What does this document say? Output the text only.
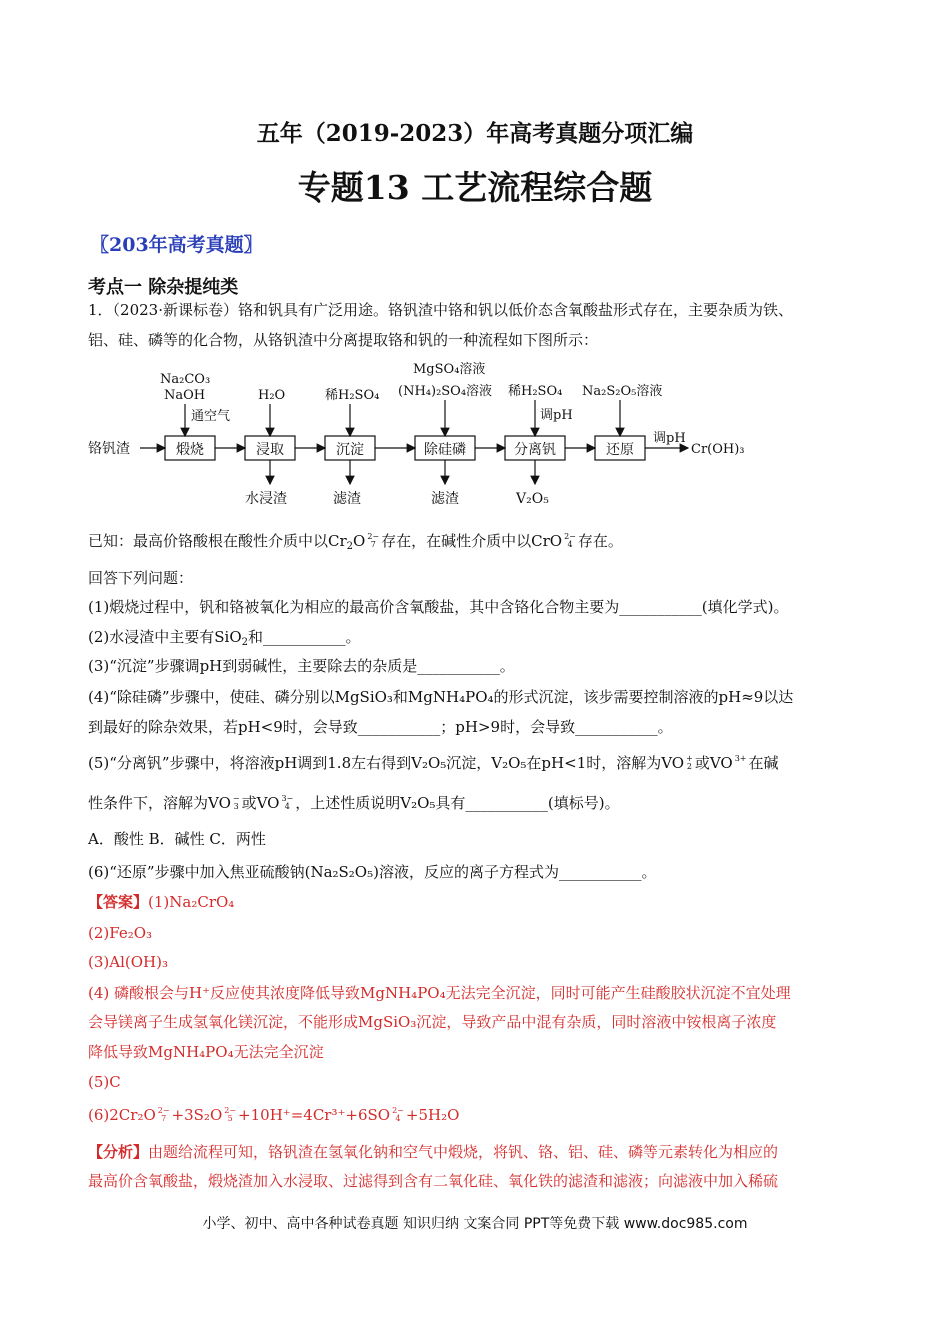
五年（2019-2023）年高考真题分项汇编
专题13 工艺流程综合题
〖203年高考真题〗
考点一 除杂提纯类
1．（2023·新课标卷）铬和钒具有广泛用途。铬钒渣中铬和钒以低价态含氧酸盐形式存在，主要杂质为铁、
铝、硅、磷等的化合物，从铬钒渣中分离提取铬和钒的一种流程如下图所示：
铬钒渣
Na₂CO₃
NaOH
通空气
H₂O	稀H₂SO₄
MgSO₄溶液
(NH₄)₂SO₄溶液 稀H₂SO₄
调pH
Na₂S₂O₅溶液
调pH
Cr(OH)₃
水浸渣	滤渣	滤渣	V₂O₅
煅烧	浸取	沉淀	除硅磷	分离钒	还原
已知：最高价铬酸根在酸性介质中以$Cr_2O$ 2−
7 存在，在碱性介质中以CrO 2−
4 存在。
回答下列问题：
(1)煅烧过程中，钒和铬被氧化为相应的最高价含氧酸盐，其中含铬化合物主要为___________(填化学式)。
(2)水浸渣中主要有SiO$_2$和___________。
(3)“沉淀”步骤调pH到弱碱性，主要除去的杂质是___________。
(4)“除硅磷”步骤中，使硅、磷分别以MgSiO₃和MgNH₄PO₄的形式沉淀，该步需要控制溶液的pH≈9以达
到最好的除杂效果，若pH<9时，会导致___________；pH>9时，会导致___________。
(5)“分离钒”步骤中，将溶液pH调到1.8左右得到V₂O₅沉淀，V₂O₅在pH<1时，溶解为VO +
2 或VO 3+ 在碱
性条件下，溶解为VO −
3 或VO 3−
4 ，上述性质说明V₂O₅具有___________(填标号)。
A．酸性 B．碱性 C．两性
(6)“还原”步骤中加入焦亚硫酸钠(Na₂S₂O₅)溶液，反应的离子方程式为___________。
【答案】(1)Na₂CrO₄
(2)Fe₂O₃
(3)Al(OH)₃
(4) 磷酸根会与H⁺反应使其浓度降低导致MgNH₄PO₄无法完全沉淀，同时可能产生硅酸胶状沉淀不宜处理
会导镁离子生成氢氧化镁沉淀，不能形成MgSiO₃沉淀，导致产品中混有杂质，同时溶液中铵根离子浓度
降低导致MgNH₄PO₄无法完全沉淀
(5)C
(6)2Cr₂O 2−
7 +3S₂O 2−
5 +10H⁺=4Cr³⁺+6SO 2−
4 +5H₂O
【分析】由题给流程可知，铬钒渣在氢氧化钠和空气中煅烧，将钒、铬、铝、硅、磷等元素转化为相应的
最高价含氧酸盐，煅烧渣加入水浸取、过滤得到含有二氧化硅、氧化铁的滤渣和滤液；向滤液中加入稀硫
小学、初中、高中各种试卷真题 知识归纳 文案合同 PPT等免费下载 www.doc985.com
